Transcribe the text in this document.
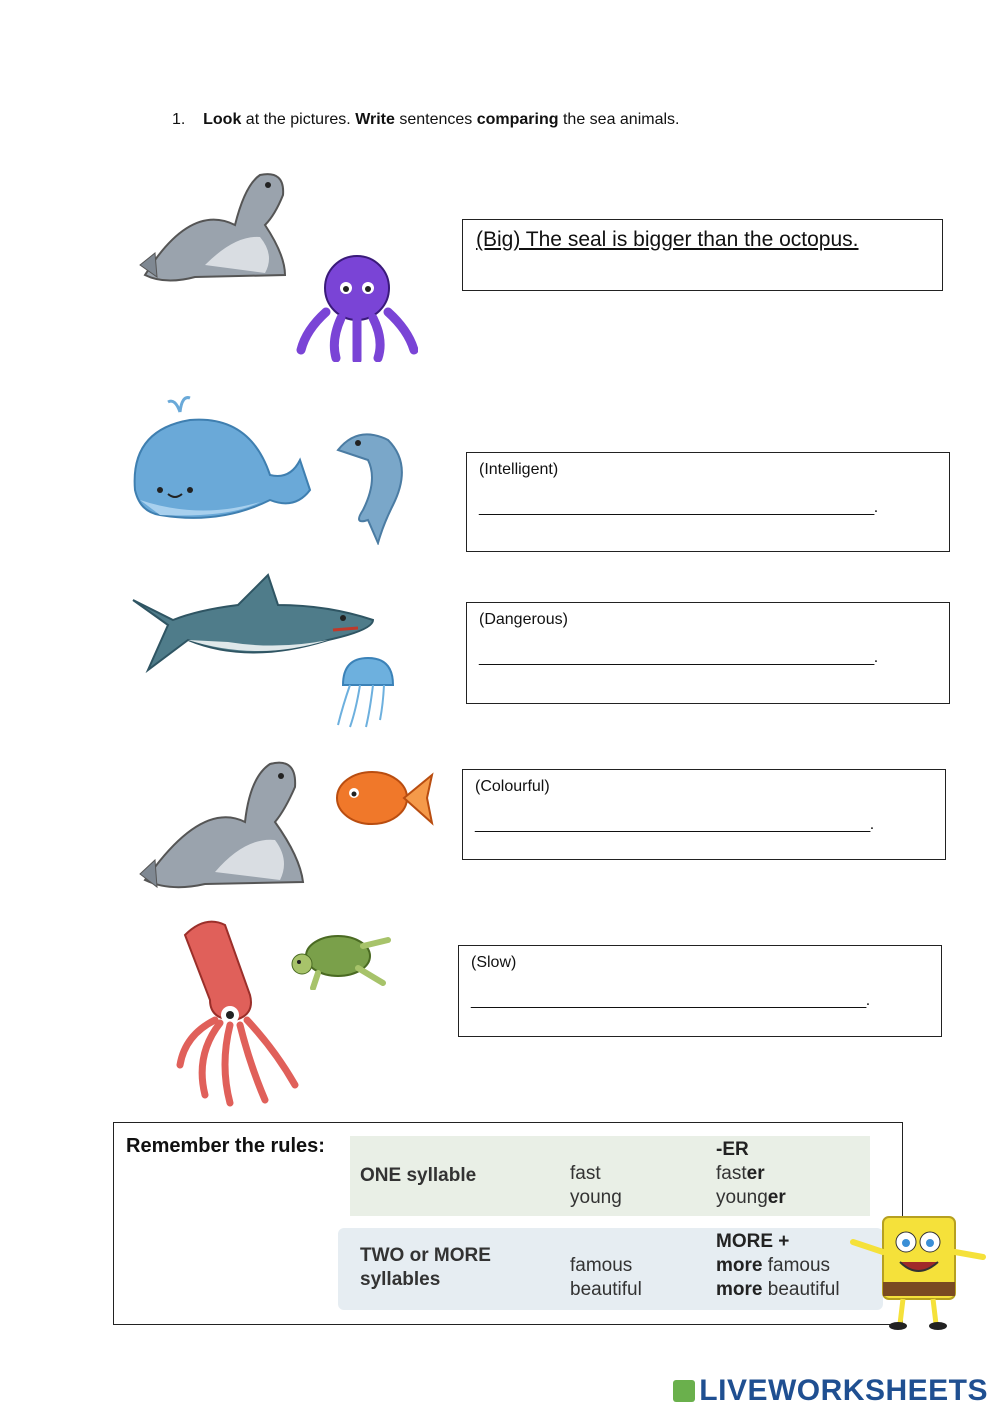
1. Look at the pictures. Write sentences comparing the sea animals.
(Big) The seal is bigger than the octopus.
(Intelligent)
_______________________________________________.
(Dangerous)
_______________________________________________.
(Colourful)
_______________________________________________.
(Slow)
_______________________________________________.
Remember the rules:
ONE syllable	fast
young
-ER
faster
younger
TWO or MORE
syllables
famous
beautiful
MORE +
more famous
more beautiful
LIVEWORKSHEETS
